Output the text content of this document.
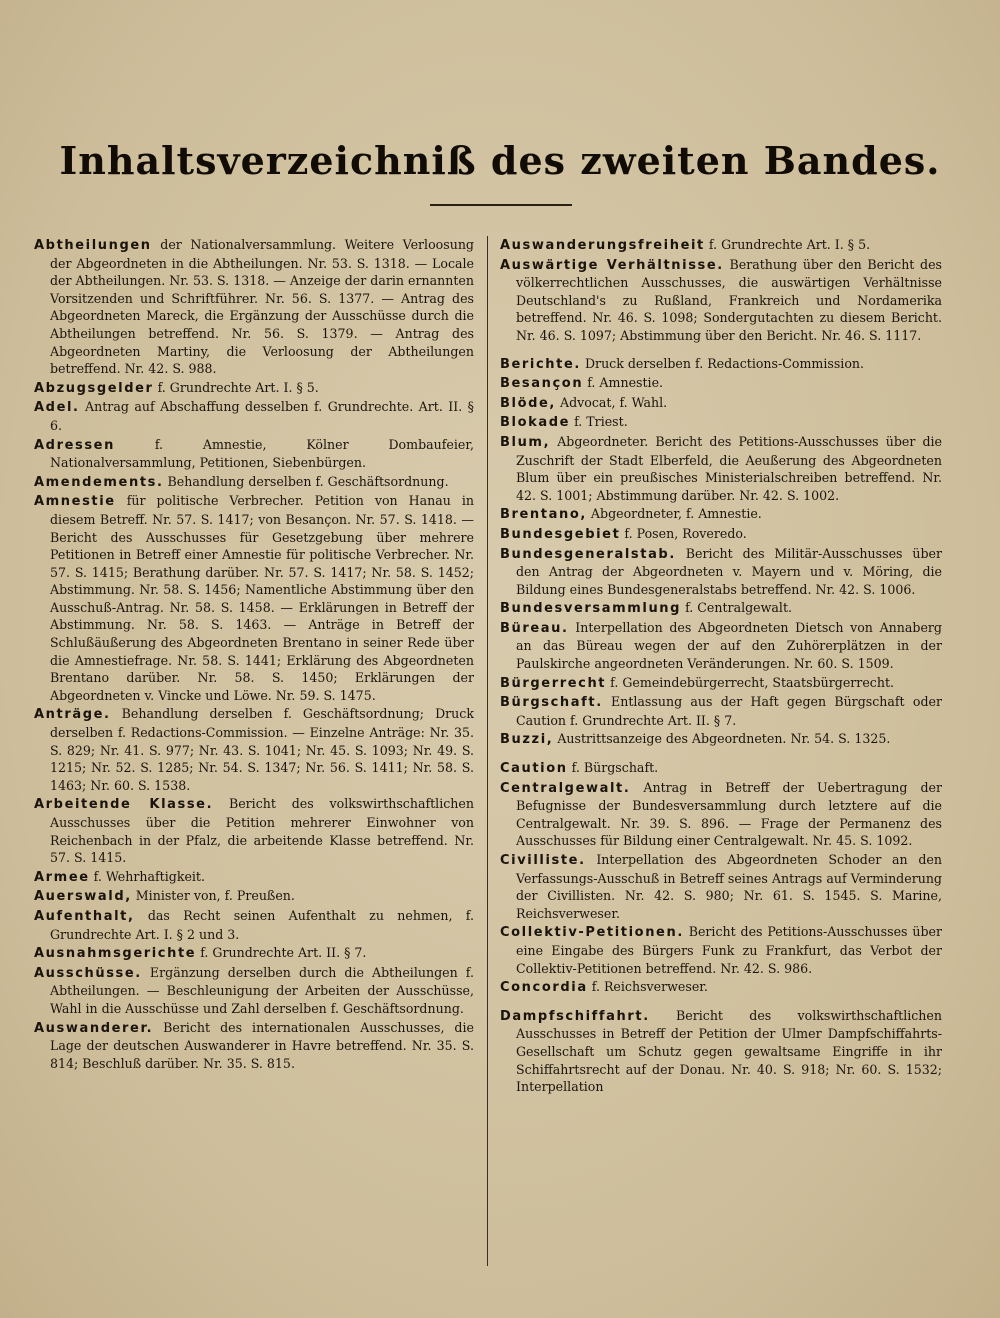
Inhaltsverzeichniß des zweiten Bandes.

Abtheilungen der Nationalversammlung. Weitere Verloosung der Abgeordneten in die Abtheilungen. Nr. 53. S. 1318. — Locale der Abtheilungen. Nr. 53. S. 1318. — Anzeige der darin ernannten Vorsitzenden und Schriftführer. Nr. 56. S. 1377. — Antrag des Abgeordneten Mareck, die Ergänzung der Ausschüsse durch die Abtheilungen betreffend. Nr. 56. S. 1379. — Antrag des Abgeordneten Martiny, die Verloosung der Abtheilungen betreffend. Nr. 42. S. 988.

Abzugsgelder f. Grundrechte Art. I. § 5.

Adel. Antrag auf Abschaffung desselben f. Grundrechte. Art. II. § 6.

Adressen	f. Amnestie, Kölner Dombaufeier, Nationalversammlung, Petitionen, Siebenbürgen.

Amendements. Behandlung derselben f. Geschäftsordnung.

Amnestie für politische Verbrecher. Petition von Hanau in diesem Betreff. Nr. 57. S. 1417; von Besançon. Nr. 57. S. 1418. — Bericht des Ausschusses für Gesetzgebung über mehrere Petitionen in Betreff einer Amnestie für politische Verbrecher. Nr. 57. S. 1415; Berathung darüber. Nr. 57. S. 1417; Nr. 58. S. 1452; Abstimmung. Nr. 58. S. 1456; Namentliche Abstimmung über den Ausschuß-Antrag. Nr. 58. S. 1458. — Erklärungen in Betreff der Abstimmung. Nr. 58. S. 1463. — Anträge in Betreff der Schlußäußerung des Abgeordneten Brentano in seiner Rede über die Amnestiefrage. Nr. 58. S. 1441; Erklärung des Abgeordneten Brentano darüber. Nr. 58. S. 1450; Erklärungen der Abgeordneten v. Vincke und Löwe. Nr. 59. S. 1475.

Anträge. Behandlung derselben f. Geschäftsordnung; Druck derselben f. Redactions-Commission. — Einzelne Anträge: Nr. 35. S. 829; Nr. 41. S. 977; Nr. 43. S. 1041; Nr. 45. S. 1093; Nr. 49. S. 1215; Nr. 52. S. 1285; Nr. 54. S. 1347; Nr. 56. S. 1411; Nr. 58. S. 1463; Nr. 60. S. 1538.

Arbeitende Klasse. Bericht des volkswirthschaftlichen Ausschusses über die Petition mehrerer Einwohner von Reichenbach in der Pfalz, die arbeitende Klasse betreffend. Nr. 57. S. 1415.

Armee f. Wehrhaftigkeit.

Auerswald, Minister von, f. Preußen.

Aufenthalt, das Recht seinen Aufenthalt zu nehmen, f. Grundrechte Art. I. § 2 und 3.

Ausnahmsgerichte f. Grundrechte Art. II. § 7.

Ausschüsse. Ergänzung derselben durch die Abtheilungen f. Abtheilungen. — Beschleunigung der Arbeiten der Ausschüsse, Wahl in die Ausschüsse und Zahl derselben f. Geschäftsordnung.

Auswanderer. Bericht des internationalen Ausschusses, die Lage der deutschen Auswanderer in Havre betreffend. Nr. 35. S. 814; Beschluß darüber. Nr. 35. S. 815.

Auswanderungsfreiheit f. Grundrechte Art. I. § 5.

Auswärtige Verhältnisse. Berathung über den Bericht des völkerrechtlichen Ausschusses, die auswärtigen Verhältnisse Deutschland's zu Rußland, Frankreich und Nordamerika betreffend. Nr. 46. S. 1098; Sondergutachten zu diesem Bericht. Nr. 46. S. 1097; Abstimmung über den Bericht. Nr. 46. S. 1117.

Berichte. Druck derselben f. Redactions-Commission.

Besançon f. Amnestie.

Blöde, Advocat, f. Wahl.

Blokade f. Triest.

Blum, Abgeordneter. Bericht des Petitions-Ausschusses über die Zuschrift der Stadt Elberfeld, die Aeußerung des Abgeordneten Blum über ein preußisches Ministerialschreiben betreffend. Nr. 42. S. 1001; Abstimmung darüber. Nr. 42. S. 1002.

Brentano, Abgeordneter, f. Amnestie.

Bundesgebiet f. Posen, Roveredo.

Bundesgeneralstab. Bericht des Militär-Ausschusses über den Antrag der Abgeordneten v. Mayern und v. Möring, die Bildung eines Bundesgeneralstabs betreffend. Nr. 42. S. 1006.

Bundesversammlung f. Centralgewalt.

Büreau. Interpellation des Abgeordneten Dietsch von Annaberg an das Büreau wegen der auf den Zuhörerplätzen in der Paulskirche angeordneten Veränderungen. Nr. 60. S. 1509.

Bürgerrecht f. Gemeindebürgerrecht, Staatsbürgerrecht.

Bürgschaft. Entlassung aus der Haft gegen Bürgschaft oder Caution f. Grundrechte Art. II. § 7.

Buzzi, Austrittsanzeige des Abgeordneten. Nr. 54. S. 1325.

Caution f. Bürgschaft.

Centralgewalt. Antrag in Betreff der Uebertragung der Befugnisse der Bundesversammlung durch letztere auf die Centralgewalt. Nr. 39. S. 896. — Frage der Permanenz des Ausschusses für Bildung einer Centralgewalt. Nr. 45. S. 1092.

Civilliste. Interpellation des Abgeordneten Schoder an den Verfassungs-Ausschuß in Betreff seines Antrags auf Verminderung der Civillisten. Nr. 42. S. 980; Nr. 61. S. 1545. S. Marine, Reichsverweser.

Collektiv-Petitionen. Bericht des Petitions-Ausschusses über eine Eingabe des Bürgers Funk zu Frankfurt, das Verbot der Collektiv-Petitionen betreffend. Nr. 42. S. 986.

Concordia f. Reichsverweser.

Dampfschiffahrt. Bericht des volkswirthschaftlichen Ausschusses in Betreff der Petition der Ulmer Dampfschiffahrts-Gesellschaft um Schutz gegen gewaltsame Eingriffe in ihr Schiffahrtsrecht auf der Donau. Nr. 40. S. 918; Nr. 60. S. 1532; Interpellation
